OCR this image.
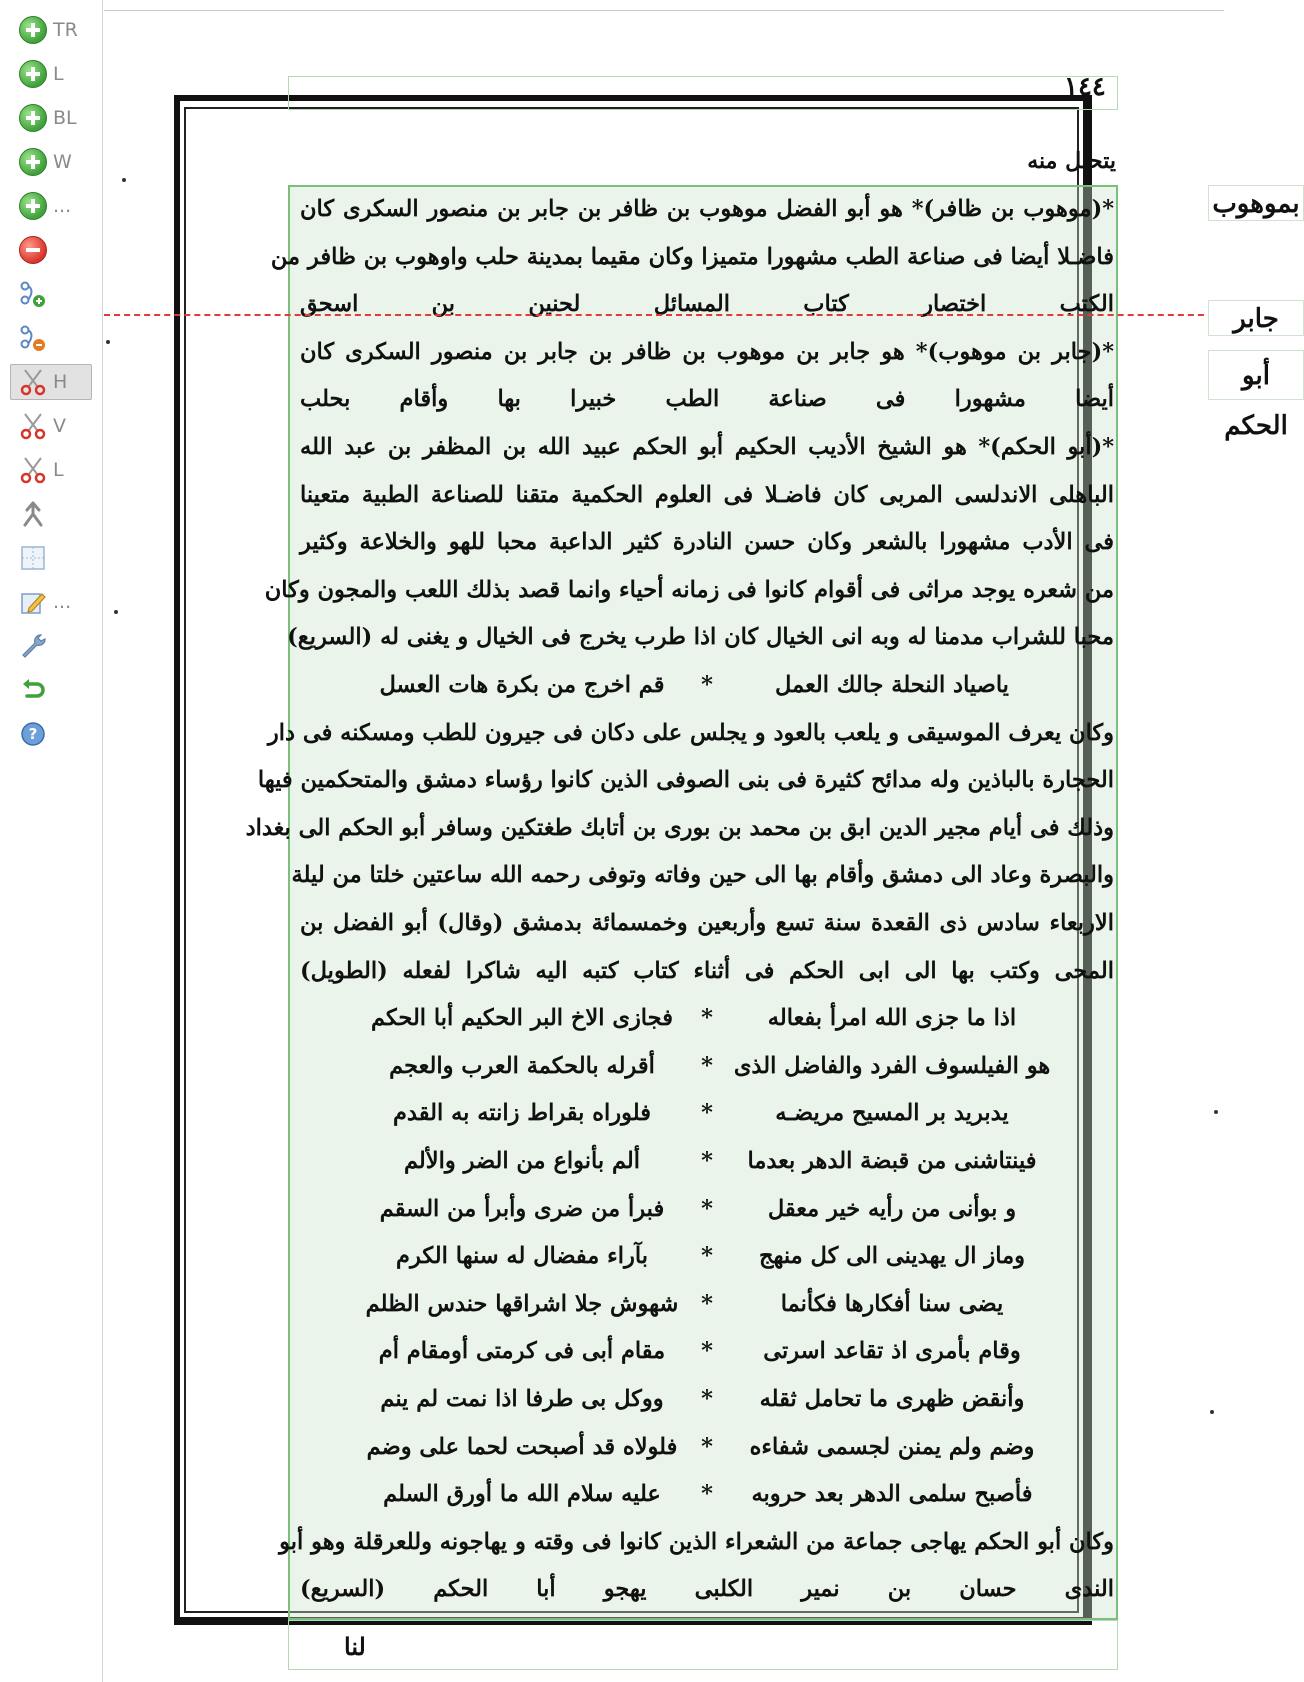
TR
L
BL
W
...
H
V
L
...
?
١٤٤
يتحلل منه
*(موهوب بن ظافر)* هو أبو الفضل موهوب بن ظافر بن جابر بن منصور السكرى كان
فاضـلا أيضا فى صناعة الطب مشهورا متميزا وكان مقيما بمدينة حلب واوهوب بن ظافر من
الكتب اختصار كتاب المسائل لحنين بن اسحق
*(جابر بن موهوب)* هو جابر بن موهوب بن ظافر بن جابر بن منصور السكرى كان
أيضا مشهورا فى صناعة الطب خبيرا بها وأقام بحلب
*(أبو الحكم)* هو الشيخ الأديب الحكيم أبو الحكم عبيد الله بن المظفر بن عبد الله
الباهلى الاندلسى المربى كان فاضـلا فى العلوم الحكمية متقنا للصناعة الطبية متعينا
فى الأدب مشهورا بالشعر وكان حسن النادرة كثير الداعبة محبا للهو والخلاعة وكثير
من شعره يوجد مراثى فى أقوام كانوا فى زمانه أحياء وانما قصد بذلك اللعب والمجون وكان
محبا للشراب مدمنا له وبه انى الخيال كان اذا طرب يخرج فى الخيال و يغنى له (السريع)
ياصياد النحلة جالك العمل*قم اخرج من بكرة هات العسل
وكان يعرف الموسيقى و يلعب بالعود و يجلس على دكان فى جيرون للطب ومسكنه فى دار
الحجارة بالباذين وله مدائح كثيرة فى بنى الصوفى الذين كانوا رؤساء دمشق والمتحكمين فيها
وذلك فى أيام مجير الدين ابق بن محمد بن بورى بن أتابك طغتكين وسافر أبو الحكم الى بغداد
والبصرة وعاد الى دمشق وأقام بها الى حين وفاته وتوفى رحمه الله ساعتين خلتا من ليلة
الاربعاء سادس ذى القعدة سنة تسع وأربعين وخمسمائة بدمشق (وقال) أبو الفضل بن
المحى وكتب بها الى ابى الحكم فى أثناء كتاب كتبه اليه شاكرا لفعله (الطويل)
اذا ما جزى الله امرأ بفعاله*فجازى الاخ البر الحكيم أبا الحكم
هو الفيلسوف الفرد والفاضل الذى*أقرله بالحكمة العرب والعجم
يدبريد بر المسيح مريضـه*فلوراه بقراط زانته به القدم
فينتاشنى من قبضة الدهر بعدما*ألم بأنواع من الضر والألم
و بوأنى من رأيه خير معقل*فبرأ من ضرى وأبرأ من السقم
وماز ال يهدينى الى كل منهج*بآراء مفضال له سنها الكرم
يضى سنا أفكارها فكأنما*شهوش جلا اشراقها حندس الظلم
وقام بأمرى اذ تقاعد اسرتى*مقام أبى فى كرمتى أومقام أم
وأنقض ظهرى ما تحامل ثقله*ووكل بى طرفا اذا نمت لم ينم
وضم ولم يمنن لجسمى شفاءه*فلولاه قد أصبحت لحما على وضم
فأصبح سلمى الدهر بعد حروبه*عليه سلام الله ما أورق السلم
وكان أبو الحكم يهاجى جماعة من الشعراء الذين كانوا فى وقته و يهاجونه وللعرقلة وهو أبو
الندى حسان بن نمير الكلبى يهجو أبا الحكم (السريع)
لنا
بموهوب
جابر
أبو الحكم
